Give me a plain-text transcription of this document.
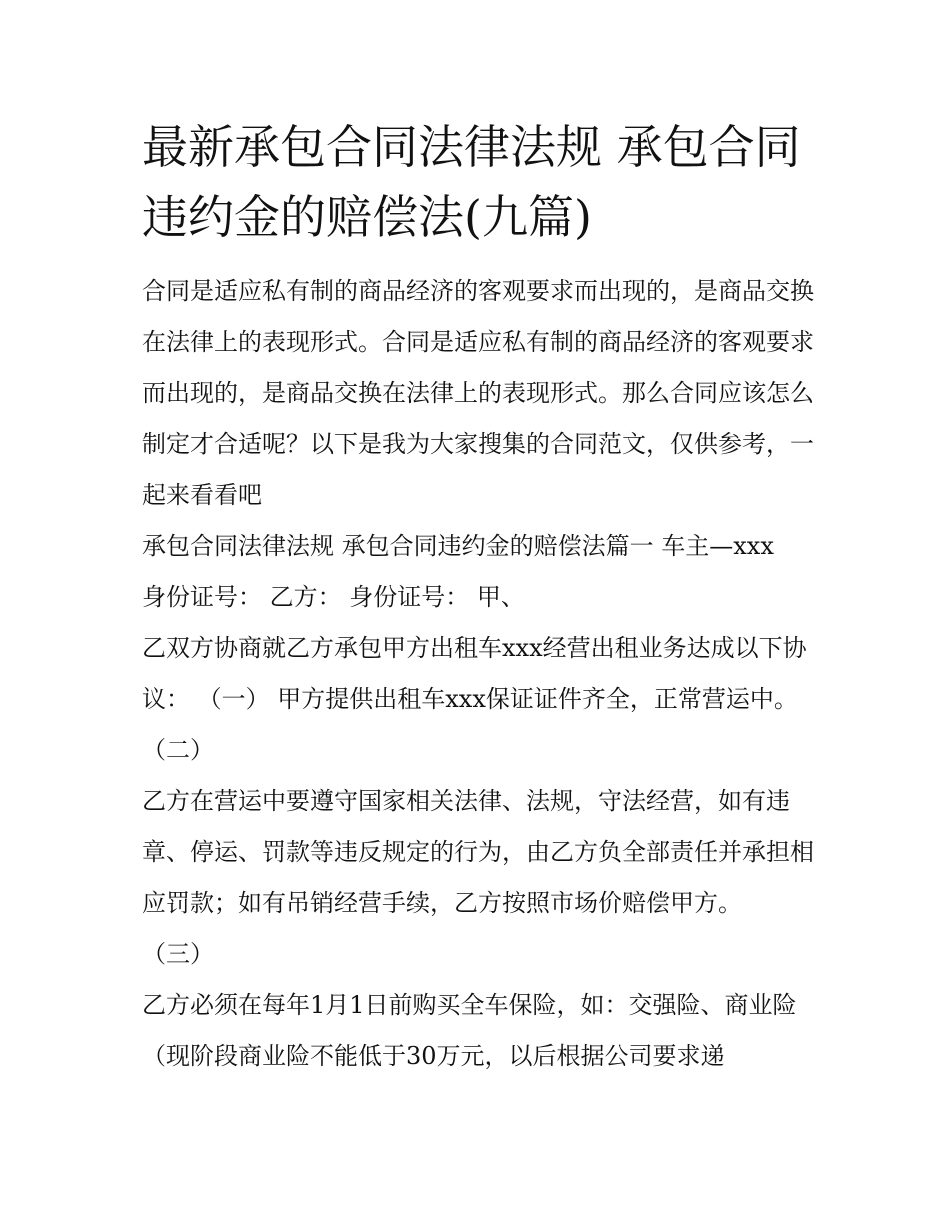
最新承包合同法律法规 承包合同违约金的赔偿法(九篇)

合同是适应私有制的商品经济的客观要求而出现的，是商品交换在法律上的表现形式。合同是适应私有制的商品经济的客观要求而出现的，是商品交换在法律上的表现形式。那么合同应该怎么制定才合适呢？以下是我为大家搜集的合同范文，仅供参考，一起来看看吧

承包合同法律法规 承包合同违约金的赔偿法篇一 车主—xxx

身份证号： 乙方： 身份证号： 甲、

乙双方协商就乙方承包甲方出租车xxx经营出租业务达成以下协议： （一） 甲方提供出租车xxx保证证件齐全，正常营运中。 （二）

乙方在营运中要遵守国家相关法律、法规，守法经营，如有违章、停运、罚款等违反规定的行为，由乙方负全部责任并承担相应罚款；如有吊销经营手续，乙方按照市场价赔偿甲方。

（三）

乙方必须在每年1月1日前购买全车保险，如：交强险、商业险（现阶段商业险不能低于30万元，以后根据公司要求递
